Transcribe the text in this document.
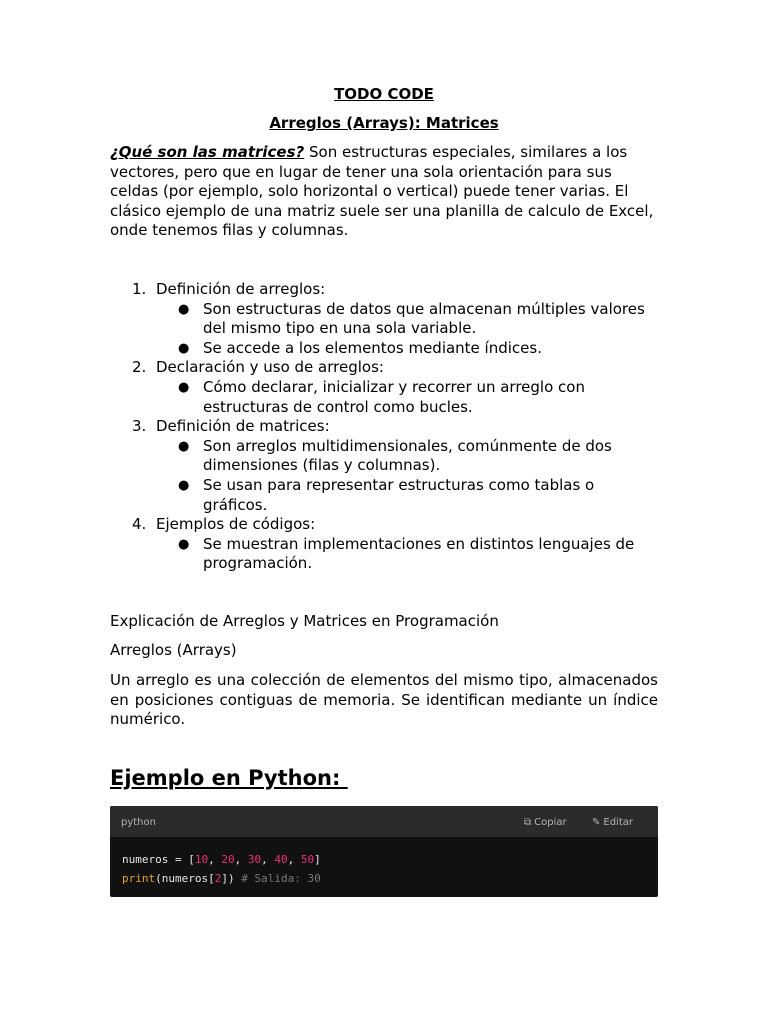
TODO CODE
Arreglos (Arrays): Matrices
¿Qué son las matrices? Son estructuras especiales, similares a los vectores, pero que en lugar de tener una sola orientación para sus celdas (por ejemplo, solo horizontal o vertical) puede tener varias. El clásico ejemplo de una matriz suele ser una planilla de calculo de Excel, onde tenemos filas y columnas.
1. Definición de arreglos:
● Son estructuras de datos que almacenan múltiples valores del mismo tipo en una sola variable.
● Se accede a los elementos mediante índices.
2. Declaración y uso de arreglos:
● Cómo declarar, inicializar y recorrer un arreglo con estructuras de control como bucles.
3. Definición de matrices:
● Son arreglos multidimensionales, comúnmente de dos dimensiones (filas y columnas).
● Se usan para representar estructuras como tablas o gráficos.
4. Ejemplos de códigos:
● Se muestran implementaciones en distintos lenguajes de programación.
Explicación de Arreglos y Matrices en Programación
Arreglos (Arrays)
Un arreglo es una colección de elementos del mismo tipo, almacenados en posiciones contiguas de memoria. Se identifican mediante un índice numérico.
Ejemplo en Python:
python	⧉ Copiar	✎ Editar
numeros = [10, 20, 30, 40, 50]
print(numeros[2]) # Salida: 30
